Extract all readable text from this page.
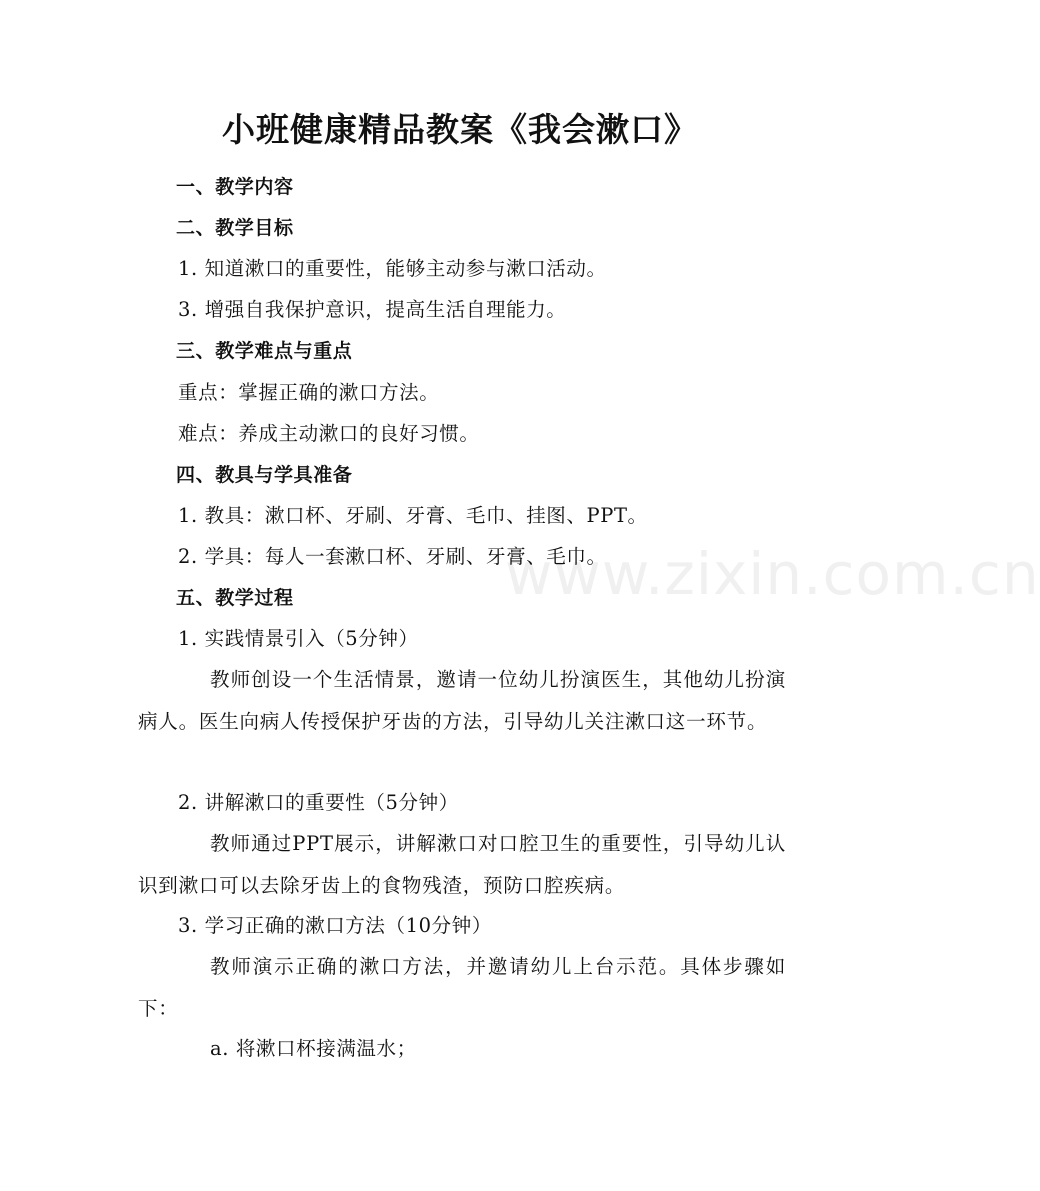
www.zixin.com.cn
小班健康精品教案《我会漱口》
一、教学内容
二、教学目标
1. 知道漱口的重要性，能够主动参与漱口活动。
3. 增强自我保护意识，提高生活自理能力。
三、教学难点与重点
重点：掌握正确的漱口方法。
难点：养成主动漱口的良好习惯。
四、教具与学具准备
1. 教具：漱口杯、牙刷、牙膏、毛巾、挂图、PPT。
2. 学具：每人一套漱口杯、牙刷、牙膏、毛巾。
五、教学过程
1. 实践情景引入（5分钟）
教师创设一个生活情景，邀请一位幼儿扮演医生，其他幼儿扮演病人。医生向病人传授保护牙齿的方法，引导幼儿关注漱口这一环节。
2. 讲解漱口的重要性（5分钟）
教师通过PPT展示，讲解漱口对口腔卫生的重要性，引导幼儿认识到漱口可以去除牙齿上的食物残渣，预防口腔疾病。
3. 学习正确的漱口方法（10分钟）
教师演示正确的漱口方法，并邀请幼儿上台示范。具体步骤如下：
a. 将漱口杯接满温水；
